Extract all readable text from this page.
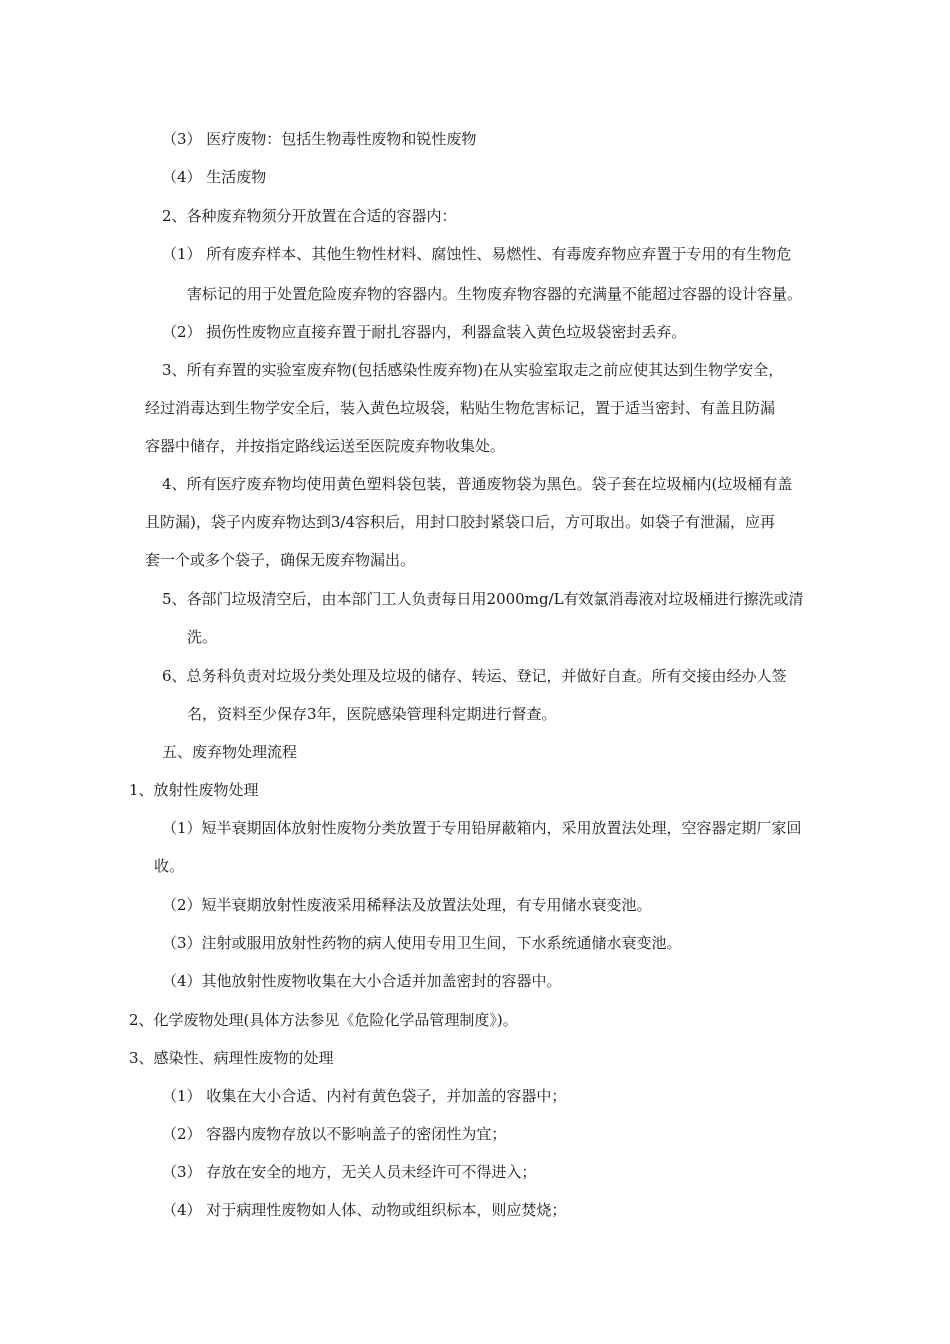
（3） 医疗废物：包括生物毒性废物和锐性废物
（4） 生活废物
2、各种废弃物须分开放置在合适的容器内：
（1） 所有废弃样本、其他生物性材料、腐蚀性、易燃性、有毒废弃物应弃置于专用的有生物危
害标记的用于处置危险废弃物的容器内。生物废弃物容器的充满量不能超过容器的设计容量。
（2） 损伤性废物应直接弃置于耐扎容器内，利器盒装入黄色垃圾袋密封丢弃。
3、所有弃置的实验室废弃物(包括感染性废弃物)在从实验室取走之前应使其达到生物学安全，
经过消毒达到生物学安全后，装入黄色垃圾袋，粘贴生物危害标记，置于适当密封、有盖且防漏
容器中储存，并按指定路线运送至医院废弃物收集处。
4、所有医疗废弃物均使用黄色塑料袋包装，普通废物袋为黑色。袋子套在垃圾桶内(垃圾桶有盖
且防漏)，袋子内废弃物达到3/4容积后，用封口胶封紧袋口后，方可取出。如袋子有泄漏，应再
套一个或多个袋子，确保无废弃物漏出。
5、各部门垃圾清空后，由本部门工人负责每日用2000mg/L有效氯消毒液对垃圾桶进行擦洗或清
洗。
6、总务科负责对垃圾分类处理及垃圾的储存、转运、登记，并做好自查。所有交接由经办人签
名，资料至少保存3年，医院感染管理科定期进行督查。
五、废弃物处理流程
1、放射性废物处理
（1）短半衰期固体放射性废物分类放置于专用铅屏蔽箱内，采用放置法处理，空容器定期厂家回
收。
（2）短半衰期放射性废液采用稀释法及放置法处理，有专用储水衰变池。
（3）注射或服用放射性药物的病人使用专用卫生间，下水系统通储水衰变池。
（4）其他放射性废物收集在大小合适并加盖密封的容器中。
2、化学废物处理(具体方法参见《危险化学品管理制度》)。
3、感染性、病理性废物的处理
（1） 收集在大小合适、内衬有黄色袋子，并加盖的容器中；
（2） 容器内废物存放以不影响盖子的密闭性为宜；
（3） 存放在安全的地方，无关人员未经许可不得进入；
（4） 对于病理性废物如人体、动物或组织标本，则应焚烧；
